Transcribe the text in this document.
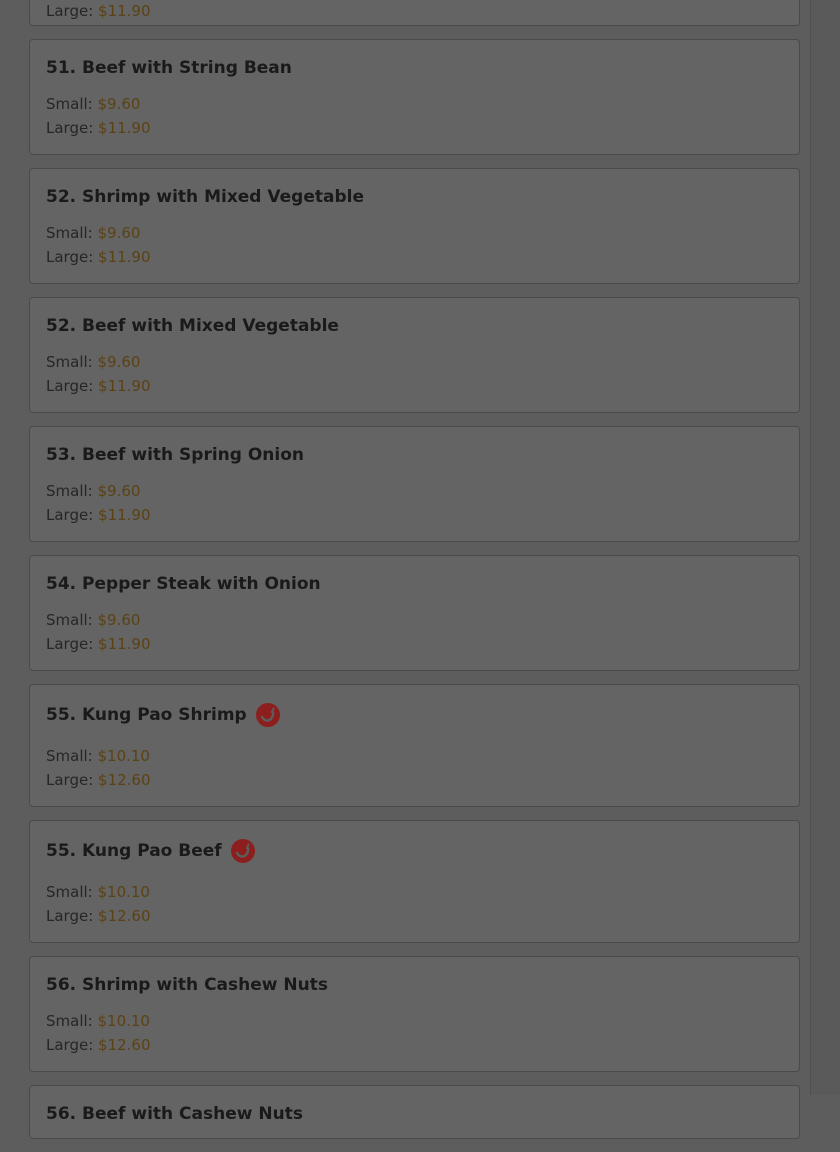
Large: $11.90
51. Beef with String Bean
Small: $9.60
Large: $11.90
52. Shrimp with Mixed Vegetable
Small: $9.60
Large: $11.90
52. Beef with Mixed Vegetable
Small: $9.60
Large: $11.90
53. Beef with Spring Onion
Small: $9.60
Large: $11.90
54. Pepper Steak with Onion
Small: $9.60
Large: $11.90
55. Kung Pao Shrimp
Small: $10.10
Large: $12.60
55. Kung Pao Beef
Small: $10.10
Large: $12.60
56. Shrimp with Cashew Nuts
Small: $10.10
Large: $12.60
56. Beef with Cashew Nuts
